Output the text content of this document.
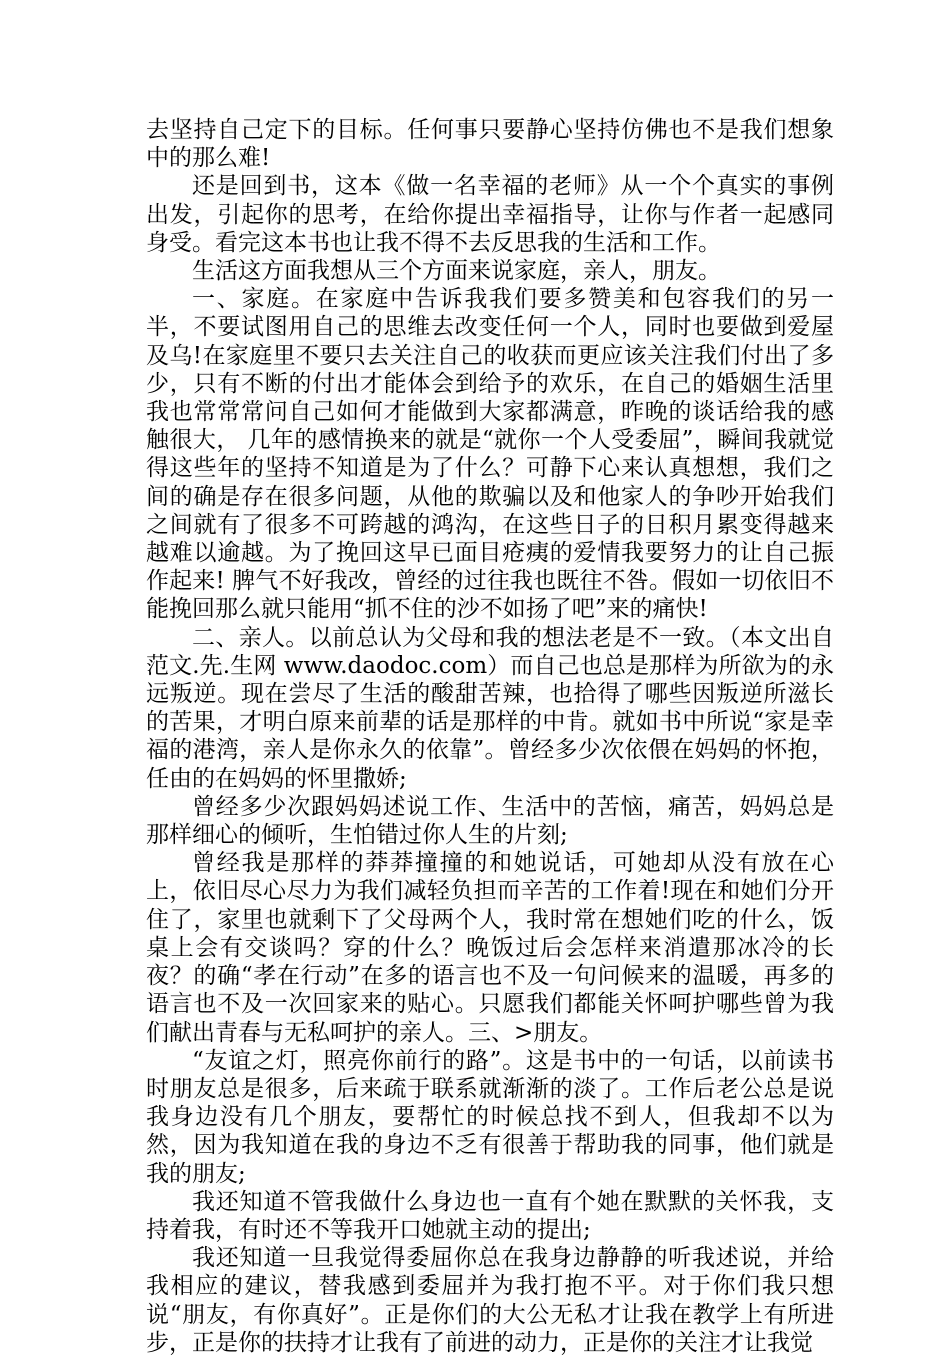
去坚持自己定下的目标。任何事只要静心坚持仿佛也不是我们想象中的那么难!

还是回到书，这本《做一名幸福的老师》从一个个真实的事例出发，引起你的思考，在给你提出幸福指导，让你与作者一起感同身受。看完这本书也让我不得不去反思我的生活和工作。

生活这方面我想从三个方面来说家庭，亲人，朋友。

一、家庭。在家庭中告诉我我们要多赞美和包容我们的另一半，不要试图用自己的思维去改变任何一个人，同时也要做到爱屋及乌!在家庭里不要只去关注自己的收获而更应该关注我们付出了多少，只有不断的付出才能体会到给予的欢乐，在自己的婚姻生活里我也常常常问自己如何才能做到大家都满意，昨晚的谈话给我的感触很大， 几年的感情换来的就是“就你一个人受委屈”，瞬间我就觉得这些年的坚持不知道是为了什么？可静下心来认真想想，我们之间的确是存在很多问题，从他的欺骗以及和他家人的争吵开始我们之间就有了很多不可跨越的鸿沟，在这些日子的日积月累变得越来越难以逾越。为了挽回这早已面目疮痍的爱情我要努力的让自己振作起来! 脾气不好我改，曾经的过往我也既往不咎。假如一切依旧不能挽回那么就只能用“抓不住的沙不如扬了吧”来的痛快!

二、亲人。以前总认为父母和我的想法老是不一致。（本文出自范文.先.生网 www.daodoc.com）而自己也总是那样为所欲为的永远叛逆。现在尝尽了生活的酸甜苦辣，也拾得了哪些因叛逆所滋长的苦果，才明白原来前辈的话是那样的中肯。就如书中所说“家是幸福的港湾，亲人是你永久的依靠”。曾经多少次依偎在妈妈的怀抱，任由的在妈妈的怀里撒娇;

曾经多少次跟妈妈述说工作、生活中的苦恼，痛苦，妈妈总是那样细心的倾听，生怕错过你人生的片刻;

曾经我是那样的莽莽撞撞的和她说话，可她却从没有放在心上，依旧尽心尽力为我们减轻负担而辛苦的工作着!现在和她们分开住了，家里也就剩下了父母两个人，我时常在想她们吃的什么，饭桌上会有交谈吗？穿的什么？晚饭过后会怎样来消遣那冰冷的长夜？的确“孝在行动”在多的语言也不及一句问候来的温暖，再多的语言也不及一次回家来的贴心。只愿我们都能关怀呵护哪些曾为我们献出青春与无私呵护的亲人。三、>朋友。

“友谊之灯，照亮你前行的路”。这是书中的一句话，以前读书时朋友总是很多，后来疏于联系就渐渐的淡了。工作后老公总是说我身边没有几个朋友，要帮忙的时候总找不到人，但我却不以为然，因为我知道在我的身边不乏有很善于帮助我的同事，他们就是我的朋友;

我还知道不管我做什么身边也一直有个她在默默的关怀我，支持着我，有时还不等我开口她就主动的提出;

我还知道一旦我觉得委屈你总在我身边静静的听我述说，并给我相应的建议，替我感到委屈并为我打抱不平。对于你们我只想说“朋友，有你真好”。正是你们的大公无私才让我在教学上有所进步，正是你的扶持才让我有了前进的动力，正是你的关注才让我觉
